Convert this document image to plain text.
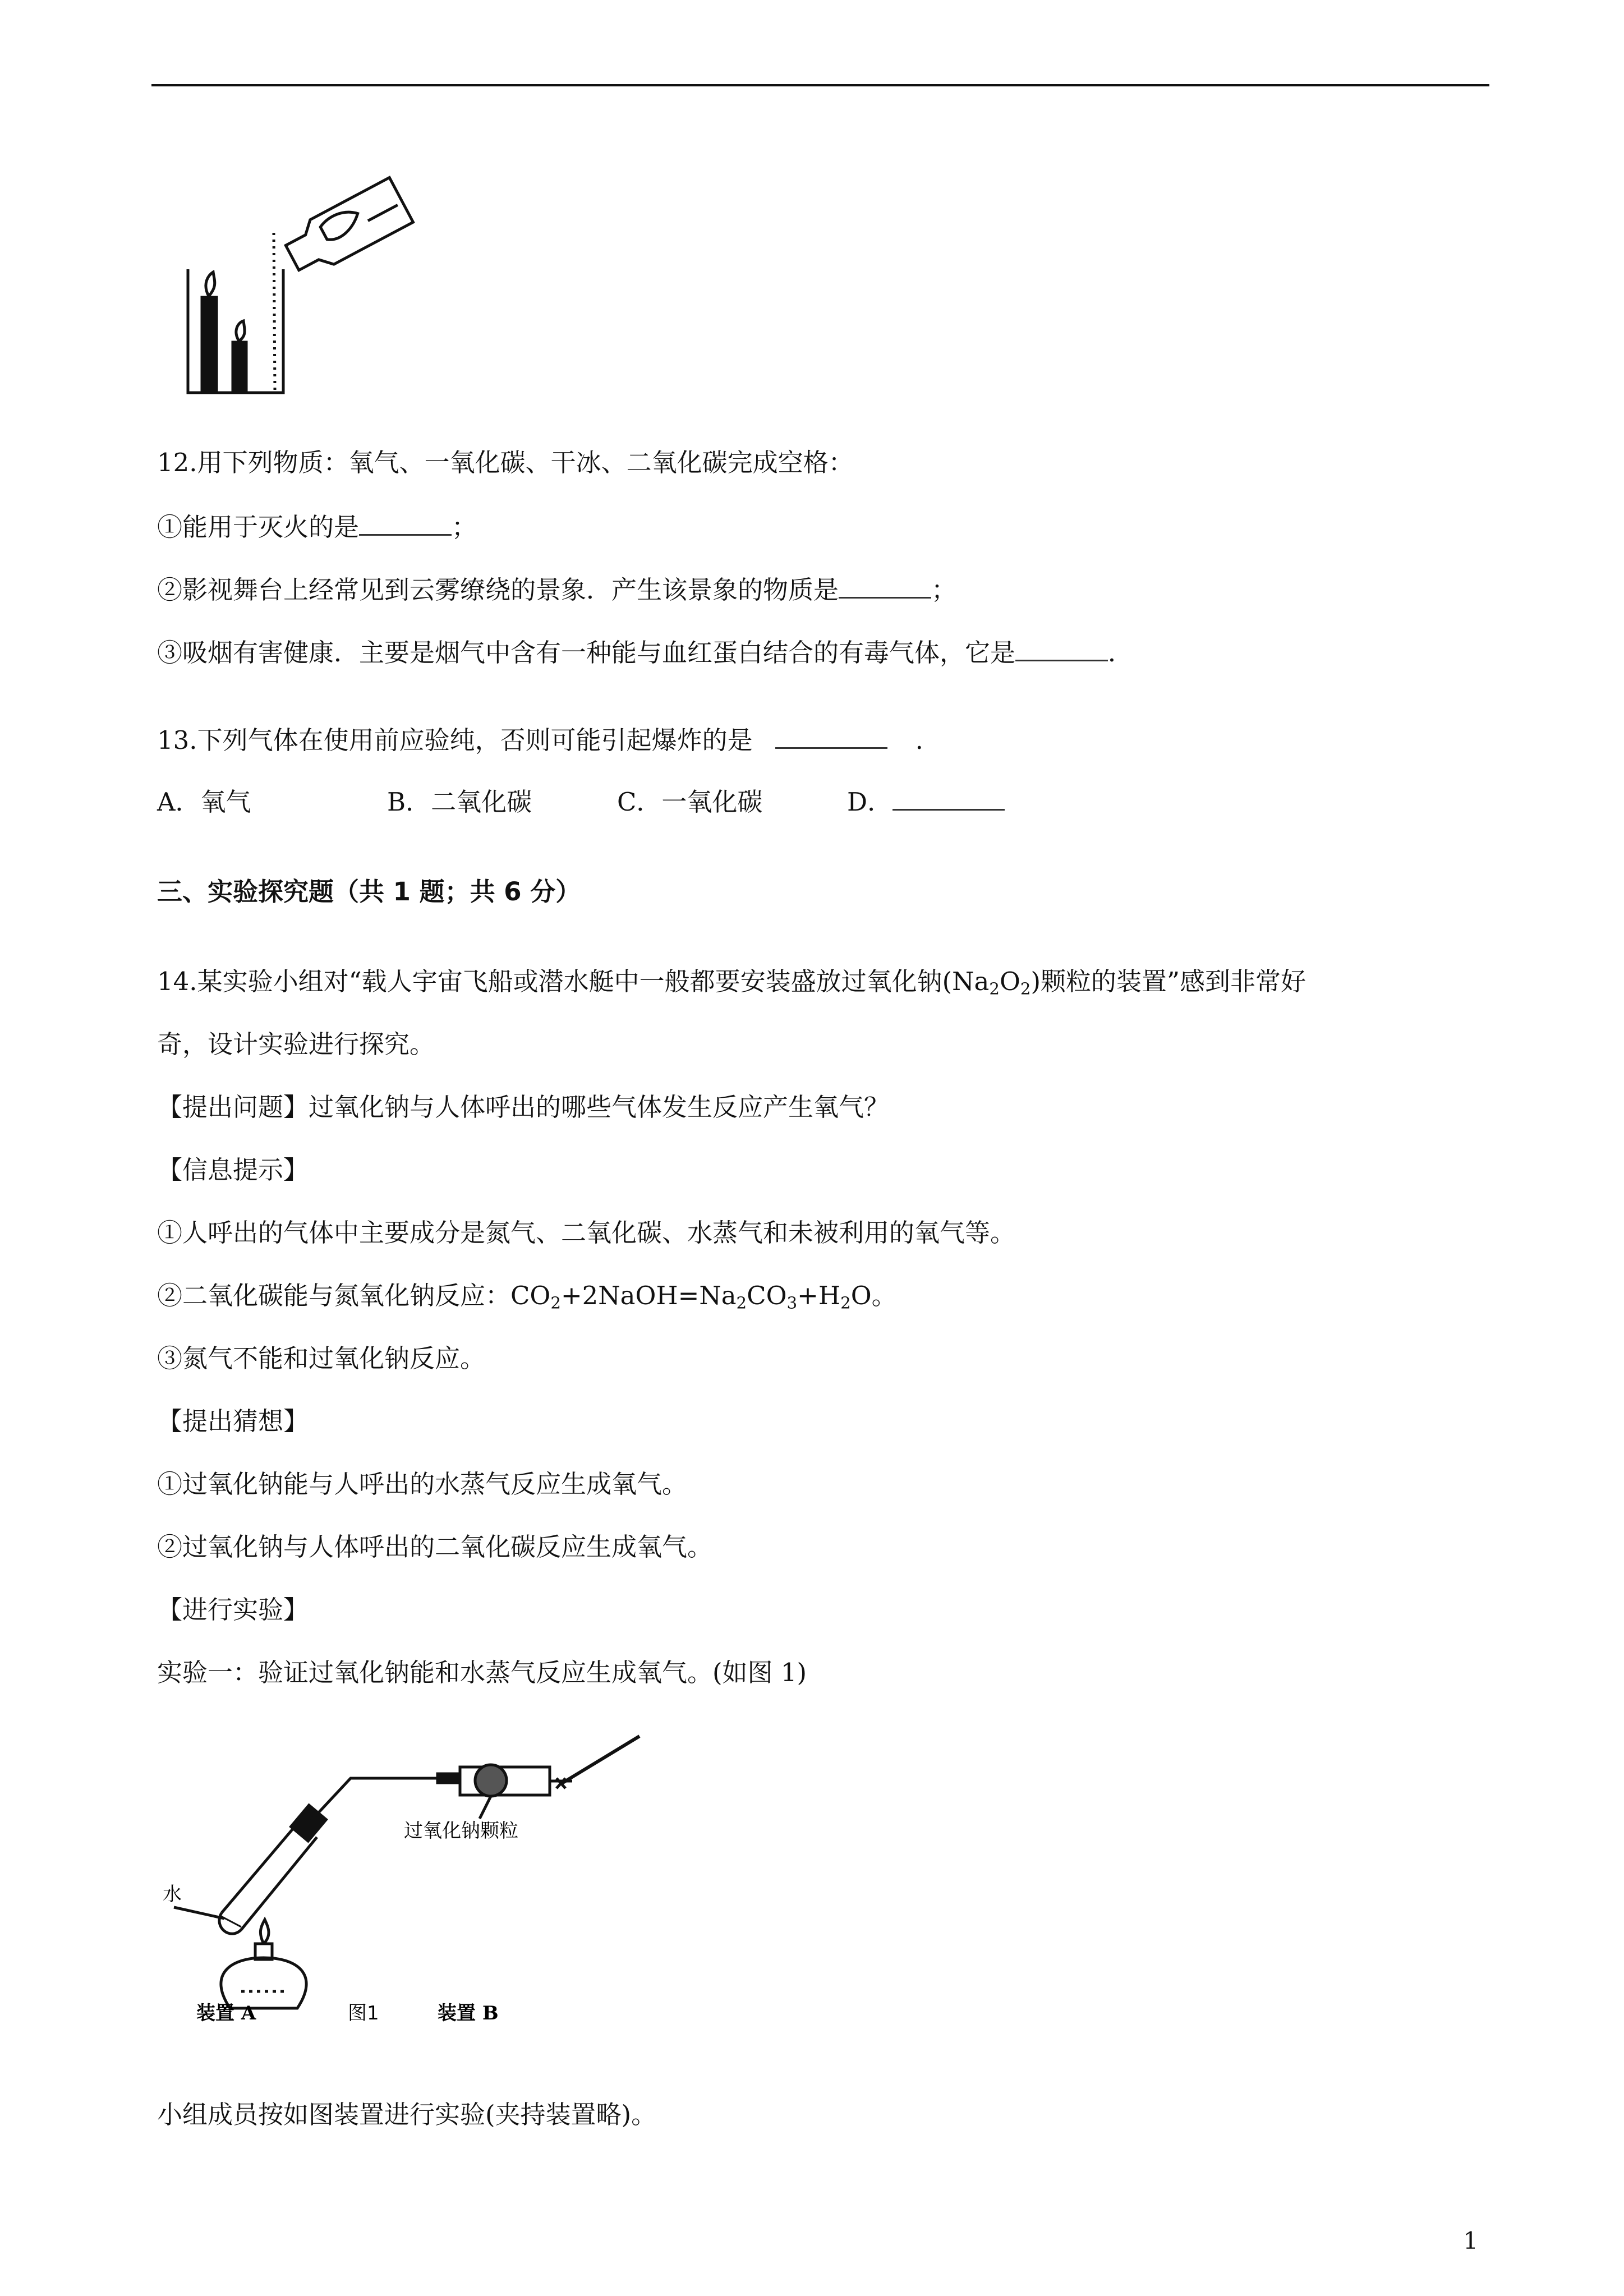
12.用下列物质：氧气、一氧化碳、干冰、二氧化碳完成空格：
①能用于灭火的是	；
②影视舞台上经常见到云雾缭绕的景象．产生该景象的物质是	；
③吸烟有害健康．主要是烟气中含有一种能与血红蛋白结合的有毒气体，它是	．
13.下列气体在使用前应验纯，否则可能引起爆炸的是	.
A．氧气	B．二氧化碳	C．一氧化碳	D．
三、实验探究题（共 1 题；共 6 分）
14.某实验小组对“载人宇宙飞船或潜水艇中一般都要安装盛放过氧化钠$(Na_2O_2)$颗粒的装置”感到非常好
奇，设计实验进行探究。
【提出问题】过氧化钠与人体呼出的哪些气体发生反应产生氧气？
【信息提示】
①人呼出的气体中主要成分是氮气、二氧化碳、水蒸气和未被利用的氧气等。
②二氧化碳能与氮氧化钠反应：$CO_2+2NaOH=Na_2CO_3+H_2O$。
③氮气不能和过氧化钠反应。
【提出猜想】
①过氧化钠能与人呼出的水蒸气反应生成氧气。
②过氧化钠与人体呼出的二氧化碳反应生成氧气。
【进行实验】
实验一：验证过氧化钠能和水蒸气反应生成氧气。(如图 1)
水
过氧化钠颗粒
装置 A	图1	装置 B
小组成员按如图装置进行实验(夹持装置略)。
1
